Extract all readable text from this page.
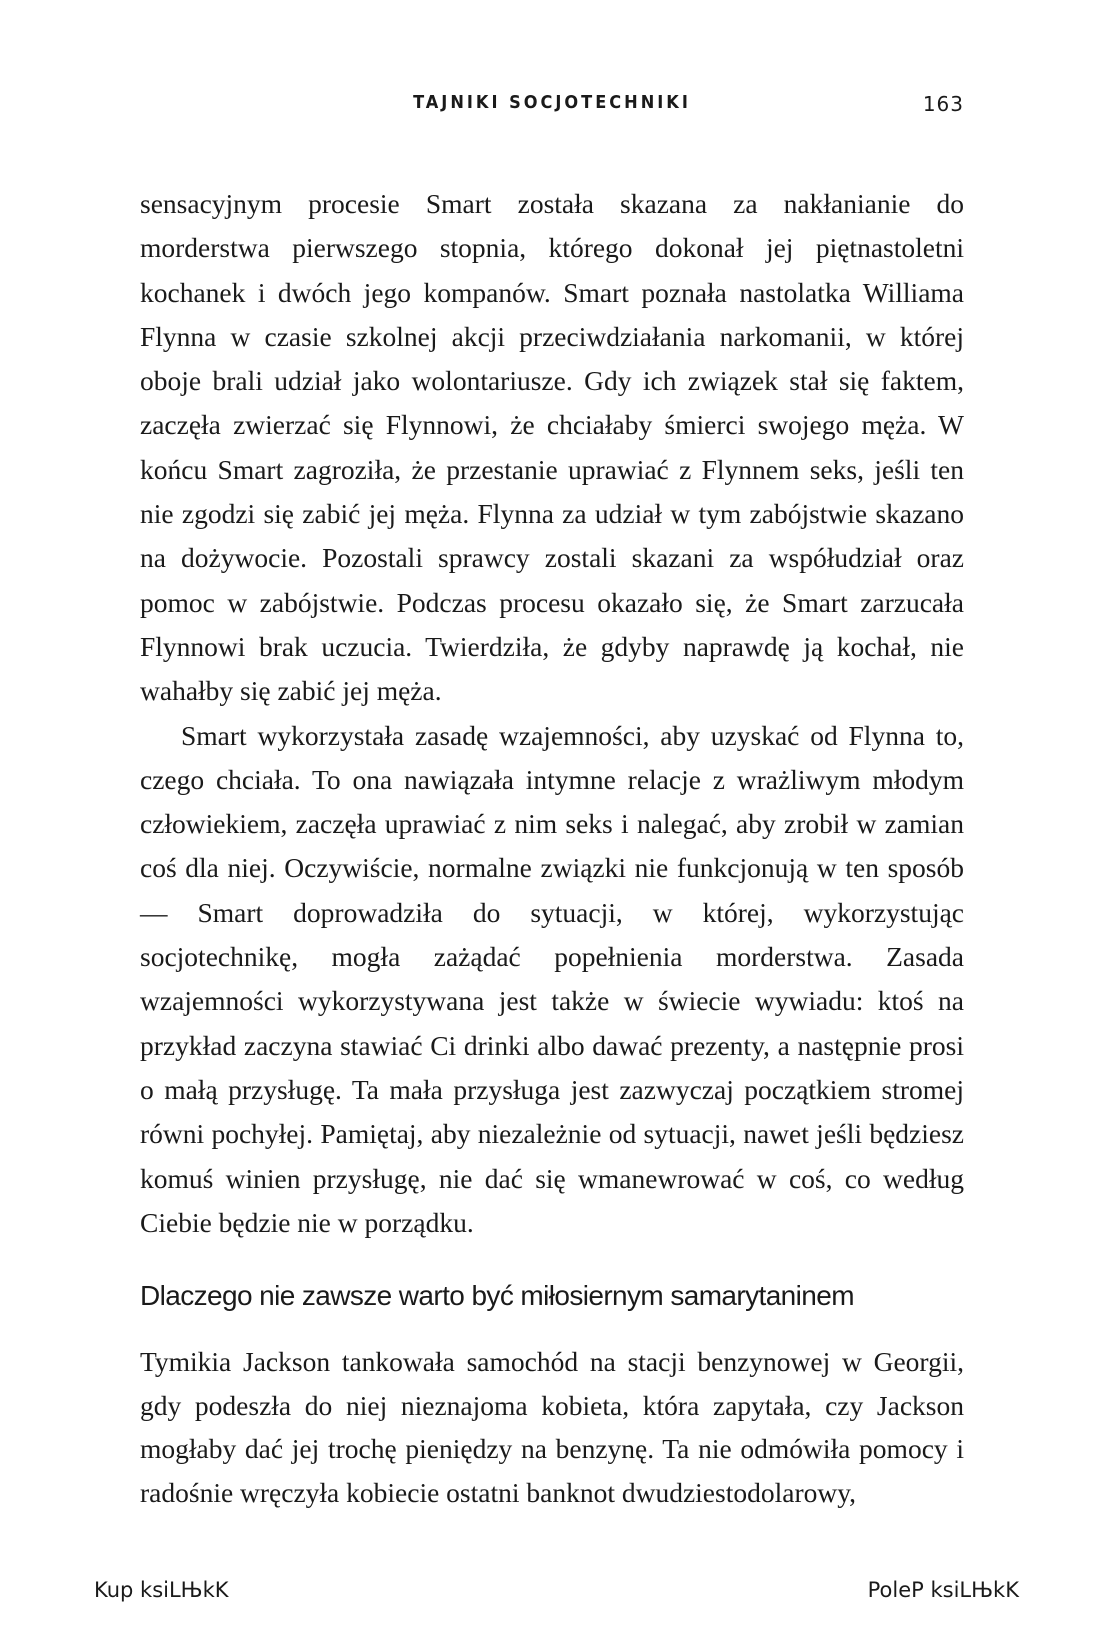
TAJNIKI SOCJOTECHNIKI	163

sensacyjnym procesie Smart została skazana za nakłanianie do morderstwa pierwszego stopnia, którego dokonał jej piętnastoletni kochanek i dwóch jego kompanów. Smart poznała nastolatka Williama Flynna w czasie szkolnej akcji przeciwdziałania narkomanii, w której oboje brali udział jako wolontariusze. Gdy ich związek stał się faktem, zaczęła zwierzać się Flynnowi, że chciałaby śmierci swojego męża. W końcu Smart zagroziła, że przestanie uprawiać z Flynnem seks, jeśli ten nie zgodzi się zabić jej męża. Flynna za udział w tym zabójstwie skazano na dożywocie. Pozostali sprawcy zostali skazani za współudział oraz pomoc w zabójstwie. Podczas procesu okazało się, że Smart zarzucała Flynnowi brak uczucia. Twierdziła, że gdyby naprawdę ją kochał, nie wahałby się zabić jej męża.

Smart wykorzystała zasadę wzajemności, aby uzyskać od Flynna to, czego chciała. To ona nawiązała intymne relacje z wrażliwym młodym człowiekiem, zaczęła uprawiać z nim seks i nalegać, aby zrobił w zamian coś dla niej. Oczywiście, normalne związki nie funkcjonują w ten sposób — Smart doprowadziła do sytuacji, w której, wykorzystując socjotechnikę, mogła zażądać popełnienia morderstwa. Zasada wzajemności wykorzystywana jest także w świecie wywiadu: ktoś na przykład zaczyna stawiać Ci drinki albo dawać prezenty, a następnie prosi o małą przysługę. Ta mała przysługa jest zazwyczaj początkiem stromej równi pochyłej. Pamiętaj, aby niezależnie od sytuacji, nawet jeśli będziesz komuś winien przysługę, nie dać się wmanewrować w coś, co według Ciebie będzie nie w porządku.

Dlaczego nie zawsze warto być miłosiernym samarytaninem

Tymikia Jackson tankowała samochód na stacji benzynowej w Georgii, gdy podeszła do niej nieznajoma kobieta, która zapytała, czy Jackson mogłaby dać jej trochę pieniędzy na benzynę. Ta nie odmówiła pomocy i radośnie wręczyła kobiecie ostatni banknot dwudziestodolarowy,

Kup ksiLЊkK	PoleP ksiLЊkK
